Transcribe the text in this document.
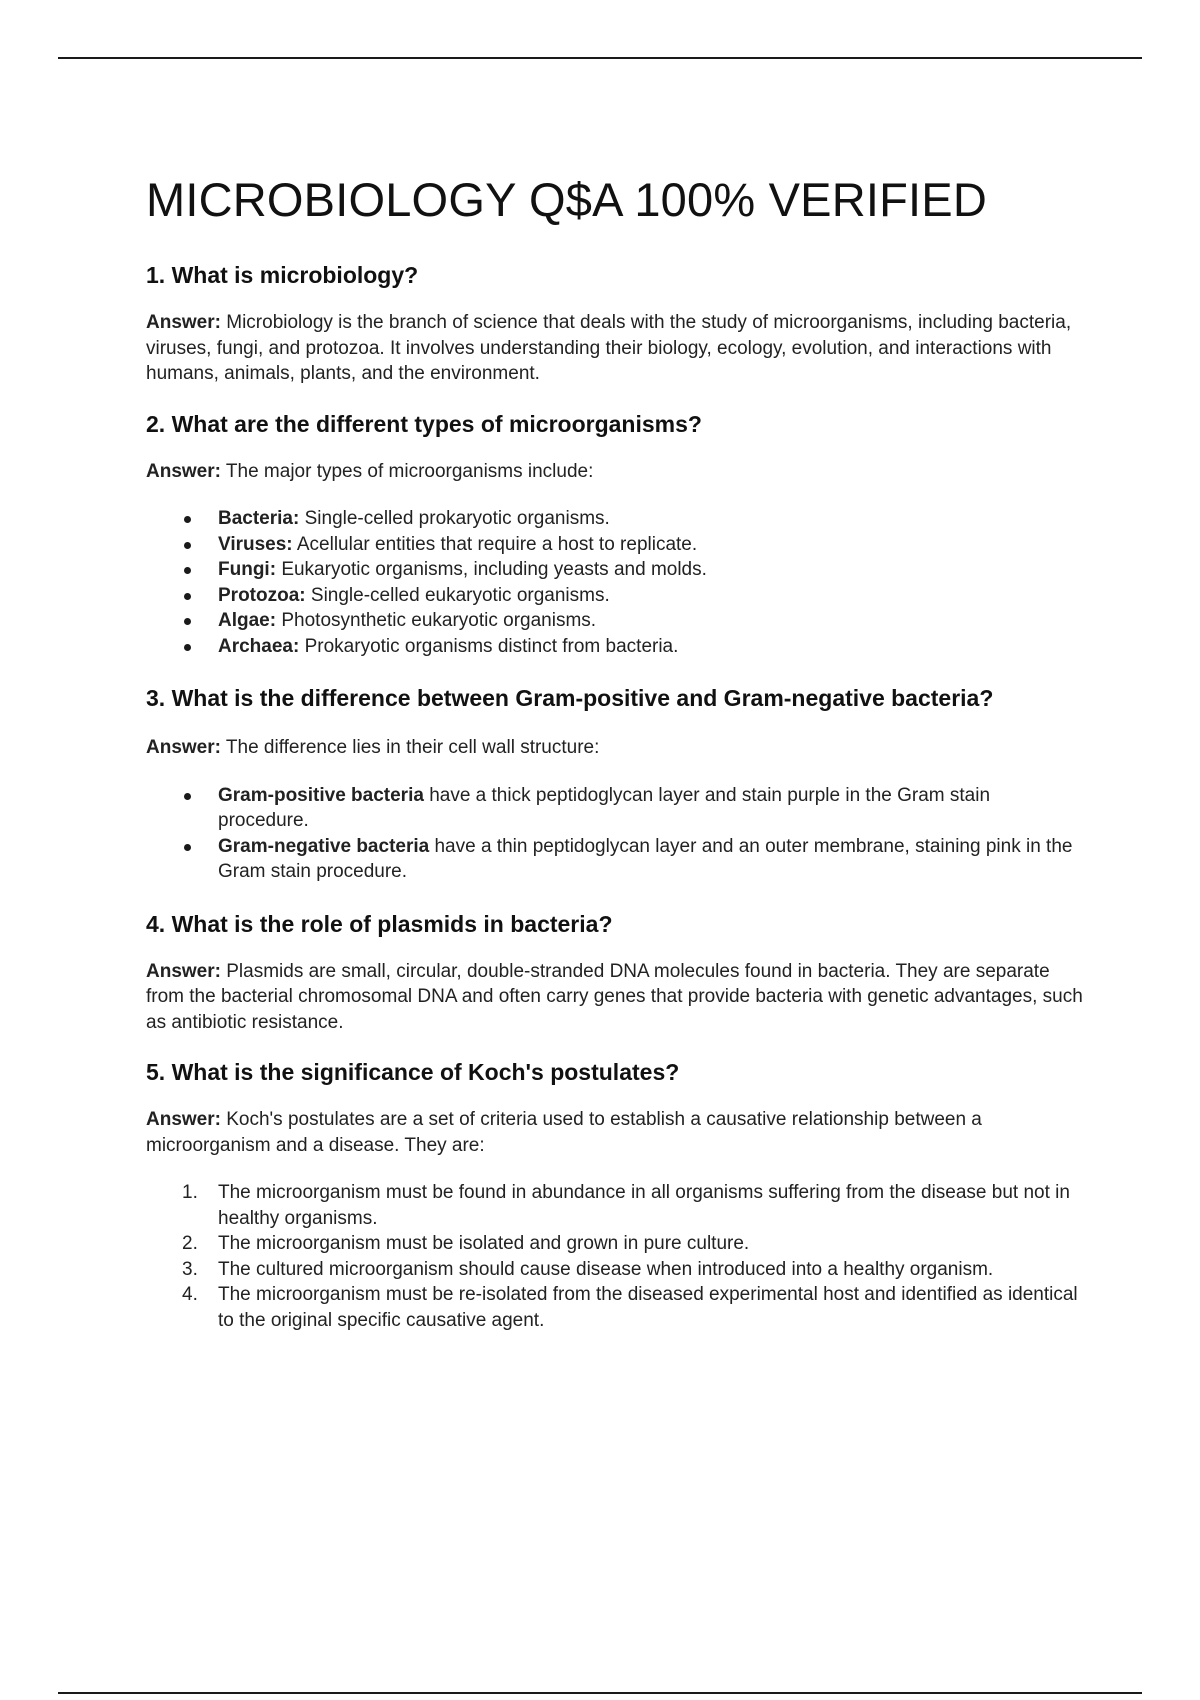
MICROBIOLOGY Q$A 100% VERIFIED
1. What is microbiology?

Answer: Microbiology is the branch of science that deals with the study of microorganisms, including bacteria, viruses, fungi, and protozoa. It involves understanding their biology, ecology, evolution, and interactions with humans, animals, plants, and the environment.

2. What are the different types of microorganisms?

Answer: The major types of microorganisms include:

Bacteria: Single-celled prokaryotic organisms.
Viruses: Acellular entities that require a host to replicate.
Fungi: Eukaryotic organisms, including yeasts and molds.
Protozoa: Single-celled eukaryotic organisms.
Algae: Photosynthetic eukaryotic organisms.
Archaea: Prokaryotic organisms distinct from bacteria.
3. What is the difference between Gram-positive and Gram-negative bacteria?

Answer: The difference lies in their cell wall structure:

Gram-positive bacteria have a thick peptidoglycan layer and stain purple in the Gram stain procedure.
Gram-negative bacteria have a thin peptidoglycan layer and an outer membrane, staining pink in the Gram stain procedure.
4. What is the role of plasmids in bacteria?

Answer: Plasmids are small, circular, double-stranded DNA molecules found in bacteria. They are separate from the bacterial chromosomal DNA and often carry genes that provide bacteria with genetic advantages, such as antibiotic resistance.

5. What is the significance of Koch's postulates?

Answer: Koch's postulates are a set of criteria used to establish a causative relationship between a microorganism and a disease. They are:

1. The microorganism must be found in abundance in all organisms suffering from the disease but not in healthy organisms.
2. The microorganism must be isolated and grown in pure culture.
3. The cultured microorganism should cause disease when introduced into a healthy organism.
4. The microorganism must be re-isolated from the diseased experimental host and identified as identical to the original specific causative agent.
